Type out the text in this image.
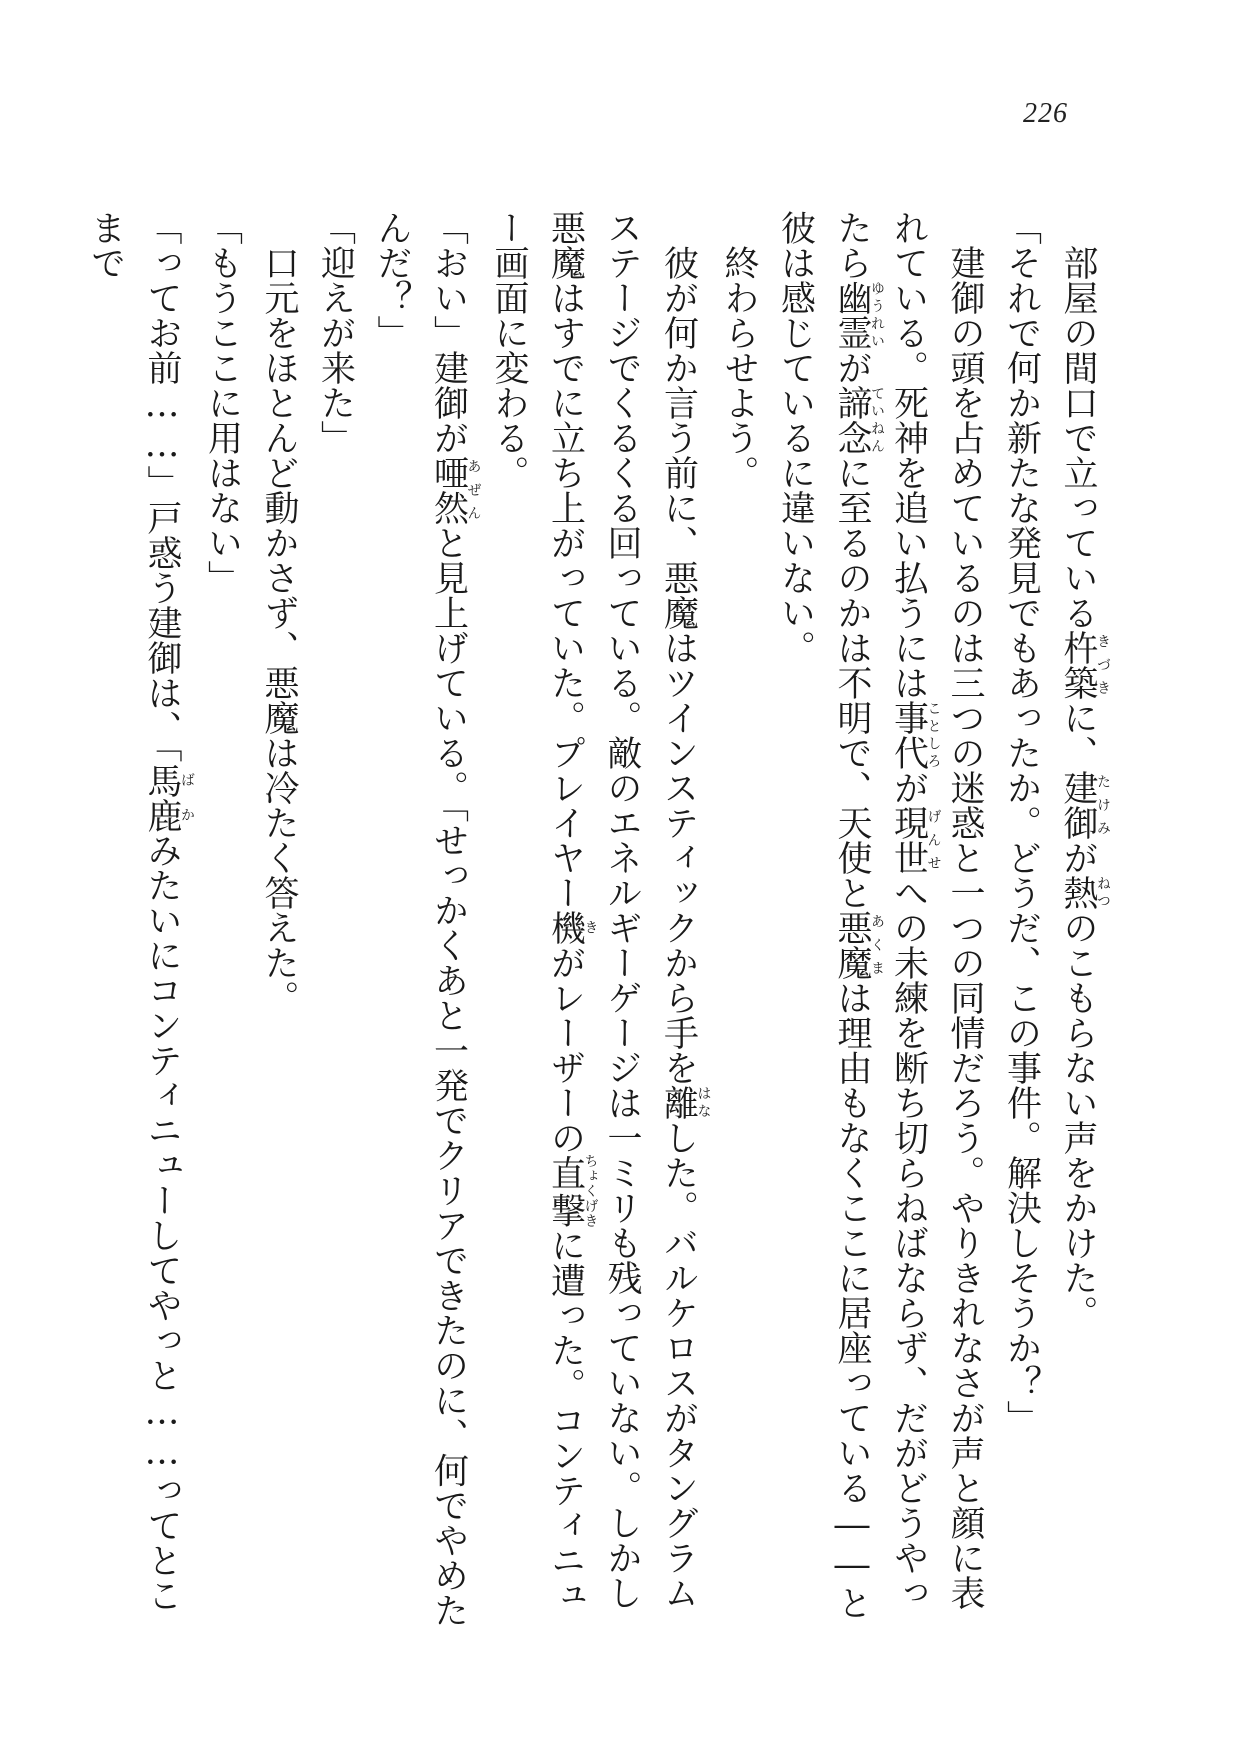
226

部屋の間口で立っている杵築きづきに、建御たけみが熱ねつのこもらない声をかけた。

「それで何か新たな発見でもあったか。どうだ、この事件。解決しそうか？」

建御の頭を占めているのは三つの迷惑と一つの同情だろう。やりきれなさが声と顔に表れている。死神を追い払うには事代ことしろが現世げんせへの未練を断ち切らねばならず、だがどうやったら幽霊ゆうれいが諦念ていねんに至るのかは不明で、天使と悪魔あくまは理由もなくここに居座っている――と彼は感じているに違いない。

終わらせよう。

彼が何か言う前に、悪魔はツインスティックから手を離はなした。バルケロスがタングラムステージでくるくる回っている。敵のエネルギーゲージは一ミリも残っていない。しかし悪魔はすでに立ち上がっていた。プレイヤー機きがレーザーの直撃ちょくげきに遭った。コンティニュー画面に変わる。

「おい」建御が唖然あぜんと見上げている。「せっかくあと一発でクリアできたのに、何でやめたんだ？」

「迎えが来た」

口元をほとんど動かさず、悪魔は冷たく答えた。

「もうここに用はない」

「ってお前……」戸惑う建御は、「馬鹿ばかみたいにコンティニューしてやっと……ってとこまで
